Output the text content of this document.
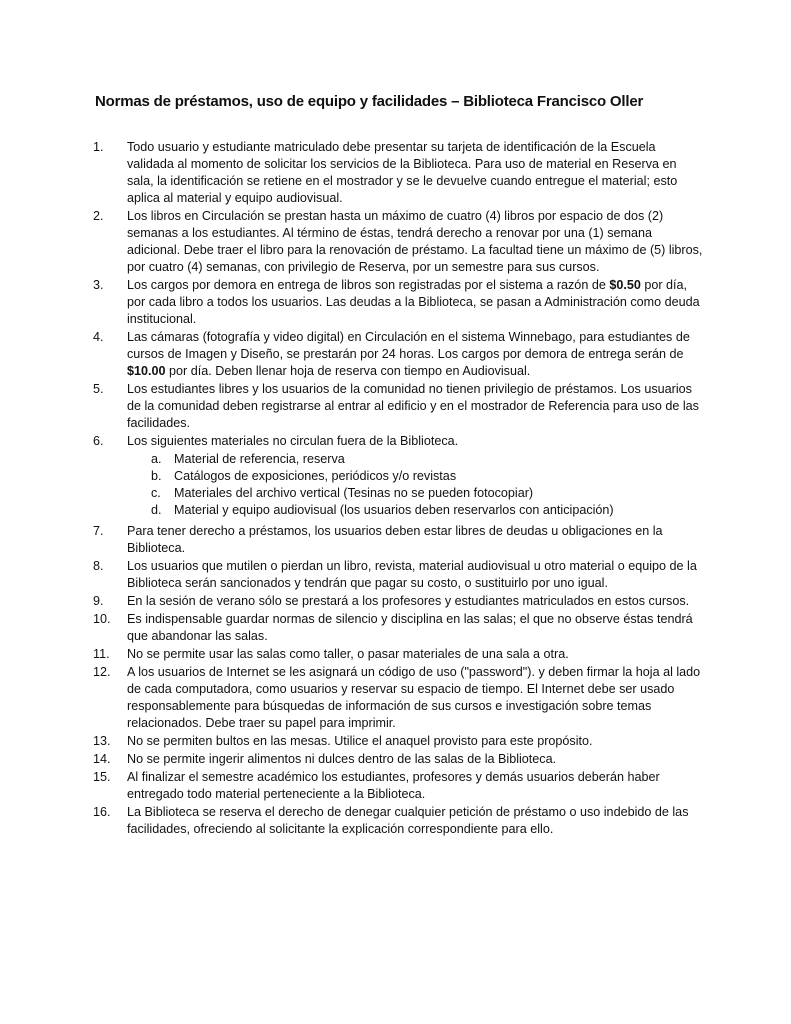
Normas de préstamos, uso de equipo y facilidades – Biblioteca Francisco Oller
1. Todo usuario y estudiante matriculado debe presentar su tarjeta de identificación de la Escuela validada al momento de solicitar los servicios de la Biblioteca. Para uso de material en Reserva en sala, la identificación se retiene en el mostrador y se le devuelve cuando entregue el material; esto aplica al material y equipo audiovisual.
2. Los libros en Circulación se prestan hasta un máximo de cuatro (4) libros por espacio de dos (2) semanas a los estudiantes. Al término de éstas, tendrá derecho a renovar por una (1) semana adicional. Debe traer el libro para la renovación de préstamo. La facultad tiene un máximo de (5) libros, por cuatro (4) semanas, con privilegio de Reserva, por un semestre para sus cursos.
3. Los cargos por demora en entrega de libros son registradas por el sistema a razón de $0.50 por día, por cada libro a todos los usuarios. Las deudas a la Biblioteca, se pasan a Administración como deuda institucional.
4. Las cámaras (fotografía y video digital) en Circulación en el sistema Winnebago, para estudiantes de cursos de Imagen y Diseño, se prestarán por 24 horas. Los cargos por demora de entrega serán de $10.00 por día. Deben llenar hoja de reserva con tiempo en Audiovisual.
5. Los estudiantes libres y los usuarios de la comunidad no tienen privilegio de préstamos. Los usuarios de la comunidad deben registrarse al entrar al edificio y en el mostrador de Referencia para uso de las facilidades.
6. Los siguientes materiales no circulan fuera de la Biblioteca.
a. Material de referencia, reserva
b. Catálogos de exposiciones, periódicos y/o revistas
c. Materiales del archivo vertical (Tesinas no se pueden fotocopiar)
d. Material y equipo audiovisual (los usuarios deben reservarlos con anticipación)
7. Para tener derecho a préstamos, los usuarios deben estar libres de deudas u obligaciones en la Biblioteca.
8. Los usuarios que mutilen o pierdan un libro, revista, material audiovisual u otro material o equipo de la Biblioteca serán sancionados y tendrán que pagar su costo, o sustituirlo por uno igual.
9. En la sesión de verano sólo se prestará a los profesores y estudiantes matriculados en estos cursos.
10. Es indispensable guardar normas de silencio y disciplina en las salas; el que no observe éstas tendrá que abandonar las salas.
11. No se permite usar las salas como taller, o pasar materiales de una sala a otra.
12. A los usuarios de Internet se les asignará un código de uso ("password"). y deben firmar la hoja al lado de cada computadora, como usuarios y reservar su espacio de tiempo. El Internet debe ser usado responsablemente para búsquedas de información de sus cursos e investigación sobre temas relacionados. Debe traer su papel para imprimir.
13. No se permiten bultos en las mesas. Utilice el anaquel provisto para este propósito.
14. No se permite ingerir alimentos ni dulces dentro de las salas de la Biblioteca.
15. Al finalizar el semestre académico los estudiantes, profesores y demás usuarios deberán haber entregado todo material perteneciente a la Biblioteca.
16. La Biblioteca se reserva el derecho de denegar cualquier petición de préstamo o uso indebido de las facilidades, ofreciendo al solicitante la explicación correspondiente para ello.
